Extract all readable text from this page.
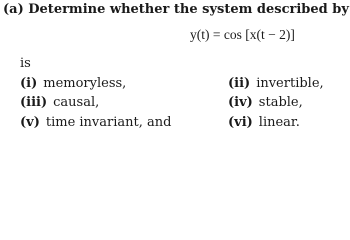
(a) Determine whether the system described by
y(t) = cos [x(t − 2)]
is
(i) memoryless,	(ii) invertible,
(iii) causal,	(iv) stable,
(v) time invariant, and	(vi) linear.
